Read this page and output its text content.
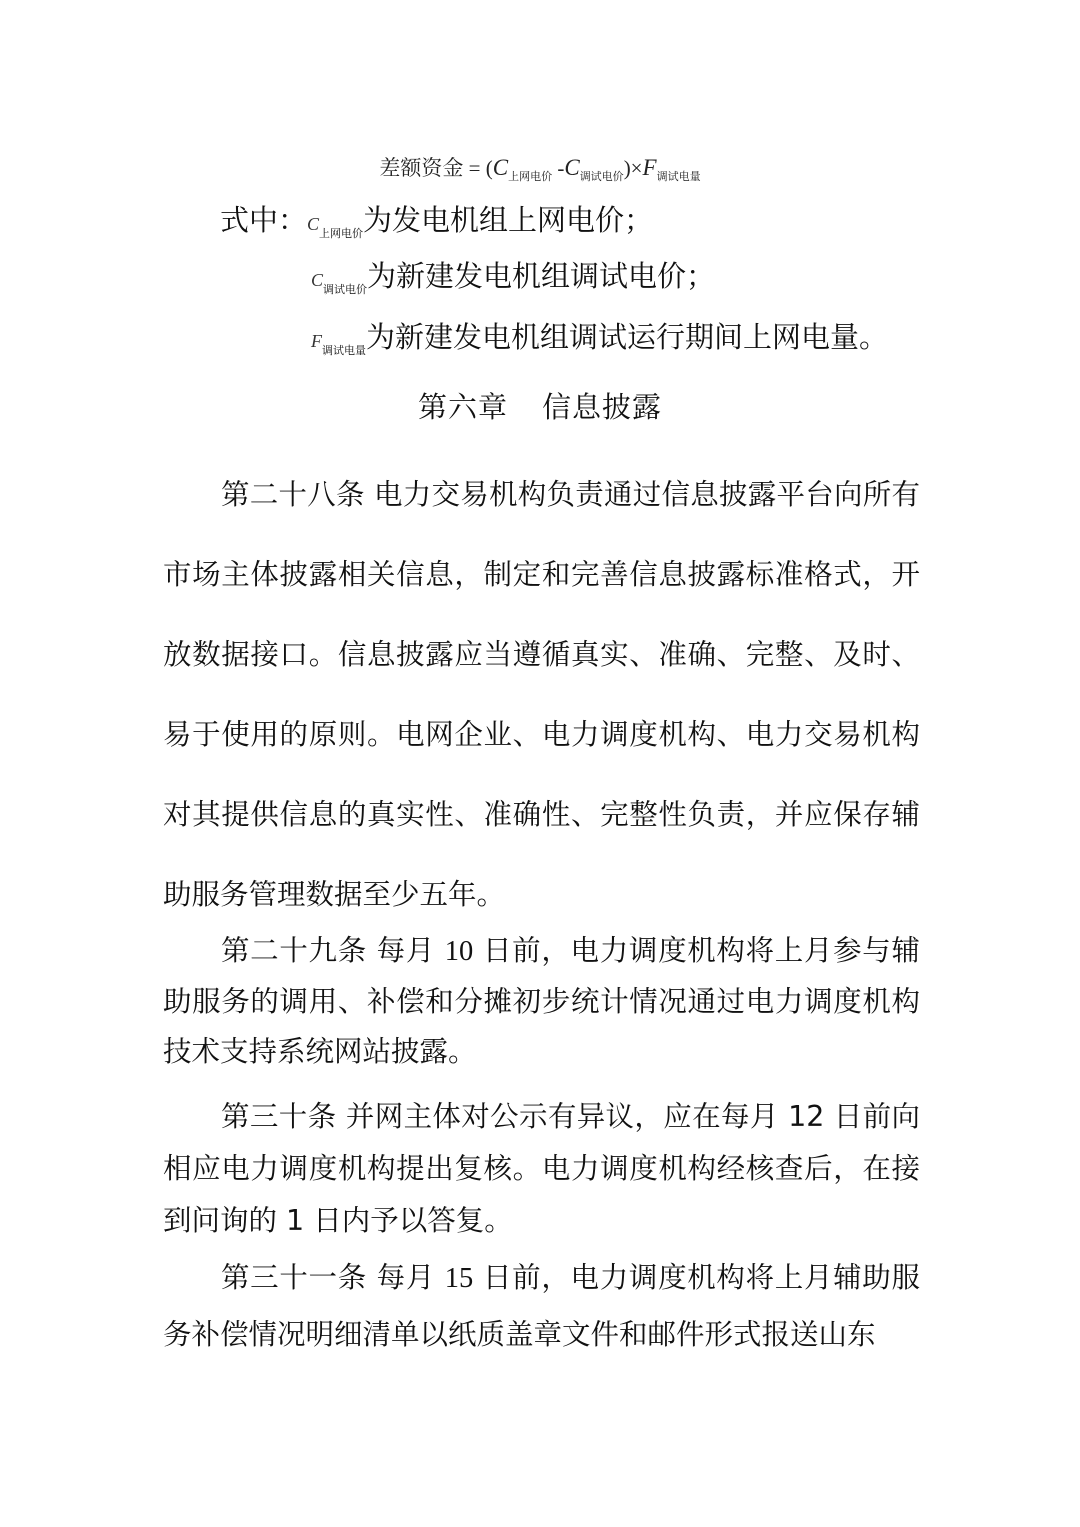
差额资金 = ($C_{上网电价}$ $-C_{调试电价})\times F_{调试电量}$
式中：$C_{上网电价}$为发电机组上网电价；
$C_{调试电价}$为新建发电机组调试电价；
$F_{调试电量}$为新建发电机组调试运行期间上网电量。
第六章 信息披露

第二十八条 电力交易机构负责通过信息披露平台向所有市场主体披露相关信息，制定和完善信息披露标准格式，开放数据接口。信息披露应当遵循真实、准确、完整、及时、易于使用的原则。电网企业、电力调度机构、电力交易机构对其提供信息的真实性、准确性、完整性负责，并应保存辅助服务管理数据至少五年。

第二十九条 每月 10 日前，电力调度机构将上月参与辅助服务的调用、补偿和分摊初步统计情况通过电力调度机构技术支持系统网站披露。

第三十条 并网主体对公示有异议，应在每月 12 日前向相应电力调度机构提出复核。电力调度机构经核查后，在接到问询的 1 日内予以答复。

第三十一条 每月 15 日前，电力调度机构将上月辅助服务补偿情况明细清单以纸质盖章文件和邮件形式报送山东
